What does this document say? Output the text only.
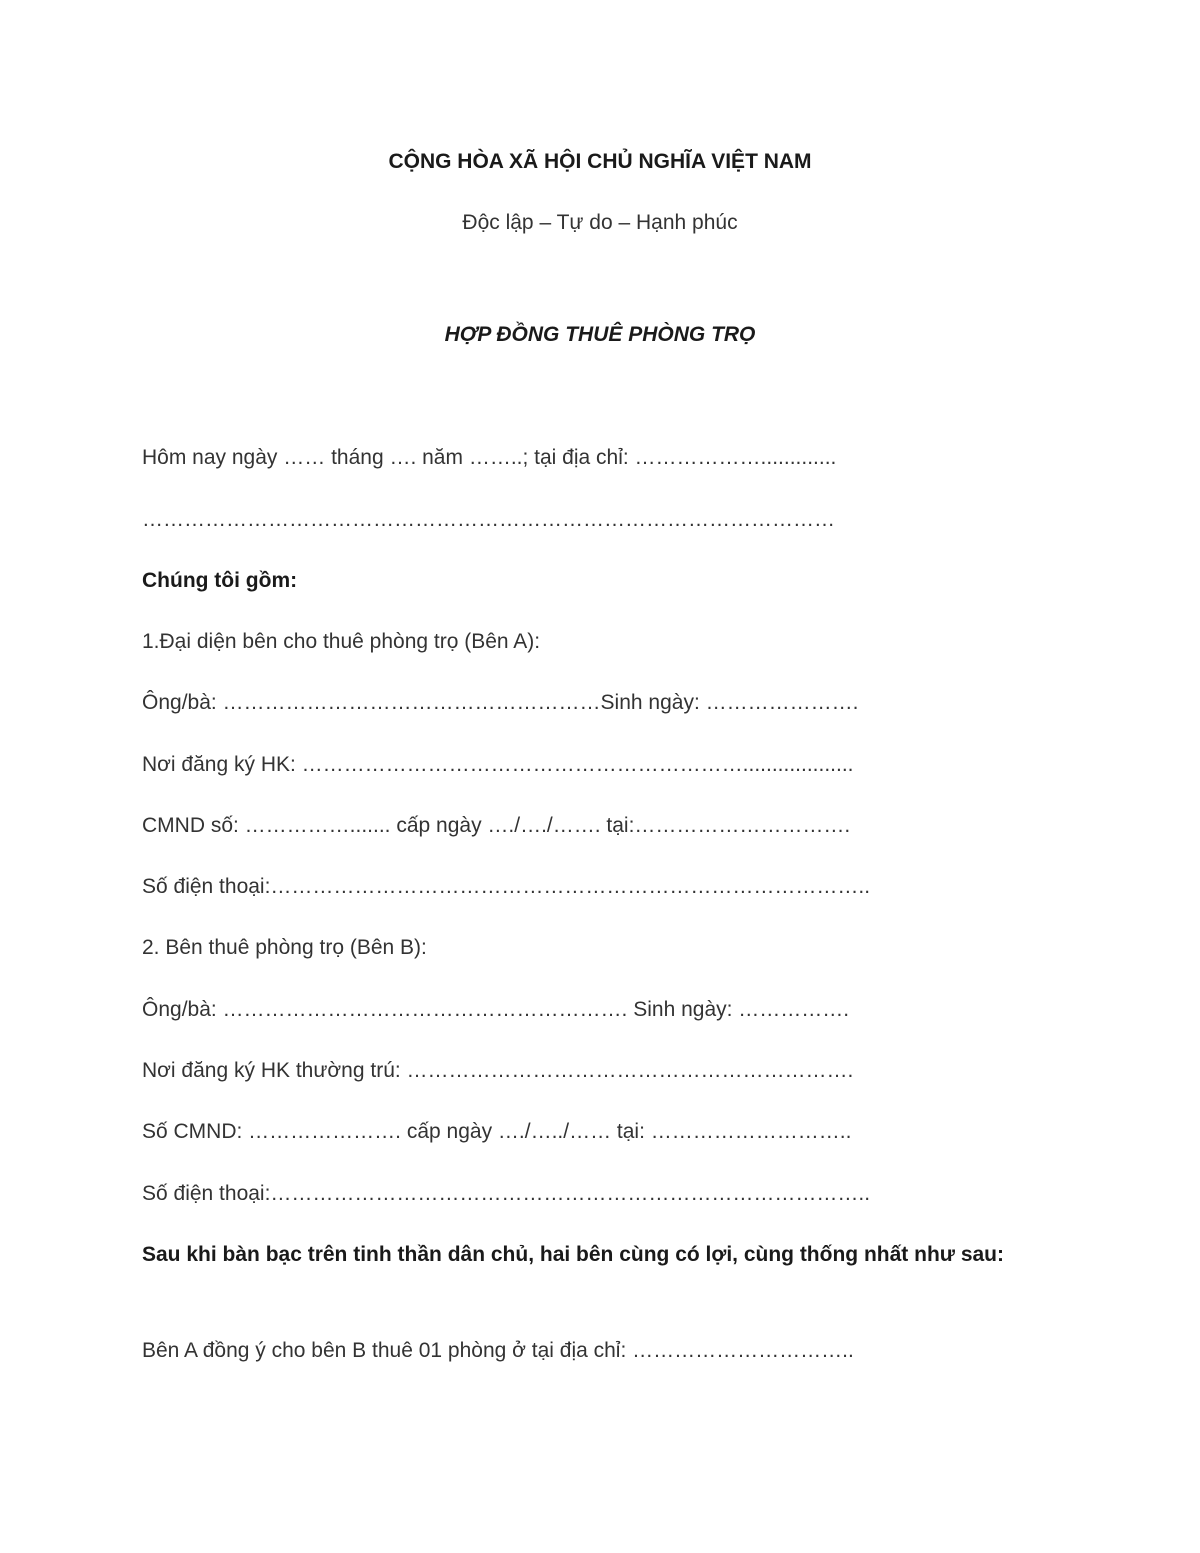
CỘNG HÒA XÃ HỘI CHỦ NGHĨA VIỆT NAM
Độc lập – Tự do – Hạnh phúc
HỢP ĐỒNG THUÊ PHÒNG TRỌ
Hôm nay ngày …… tháng …. năm ……..; tại địa chỉ: ……………….............
………………………………………………………………………………………
Chúng tôi gồm:
1.Đại diện bên cho thuê phòng trọ (Bên A):
Ông/bà: ………………………………………………Sinh ngày: ………………….
Nơi đăng ký HK: ………………………………………………………...................
CMND số: ……………....... cấp ngày …./…./……. tại:………………………….
Số điện thoại:…………………………………………………………………………..
2. Bên thuê phòng trọ (Bên B):
Ông/bà: …………………………………………………. Sinh ngày: …………….
Nơi đăng ký HK thường trú: ……………………………………………………….
Số CMND: …………………. cấp ngày …./…../…… tại: ………………………..
Số điện thoại:…………………………………………………………………………..
Sau khi bàn bạc trên tinh thần dân chủ, hai bên cùng có lợi, cùng thống nhất như sau:
Bên A đồng ý cho bên B thuê 01 phòng ở tại địa chỉ: …………………………..
